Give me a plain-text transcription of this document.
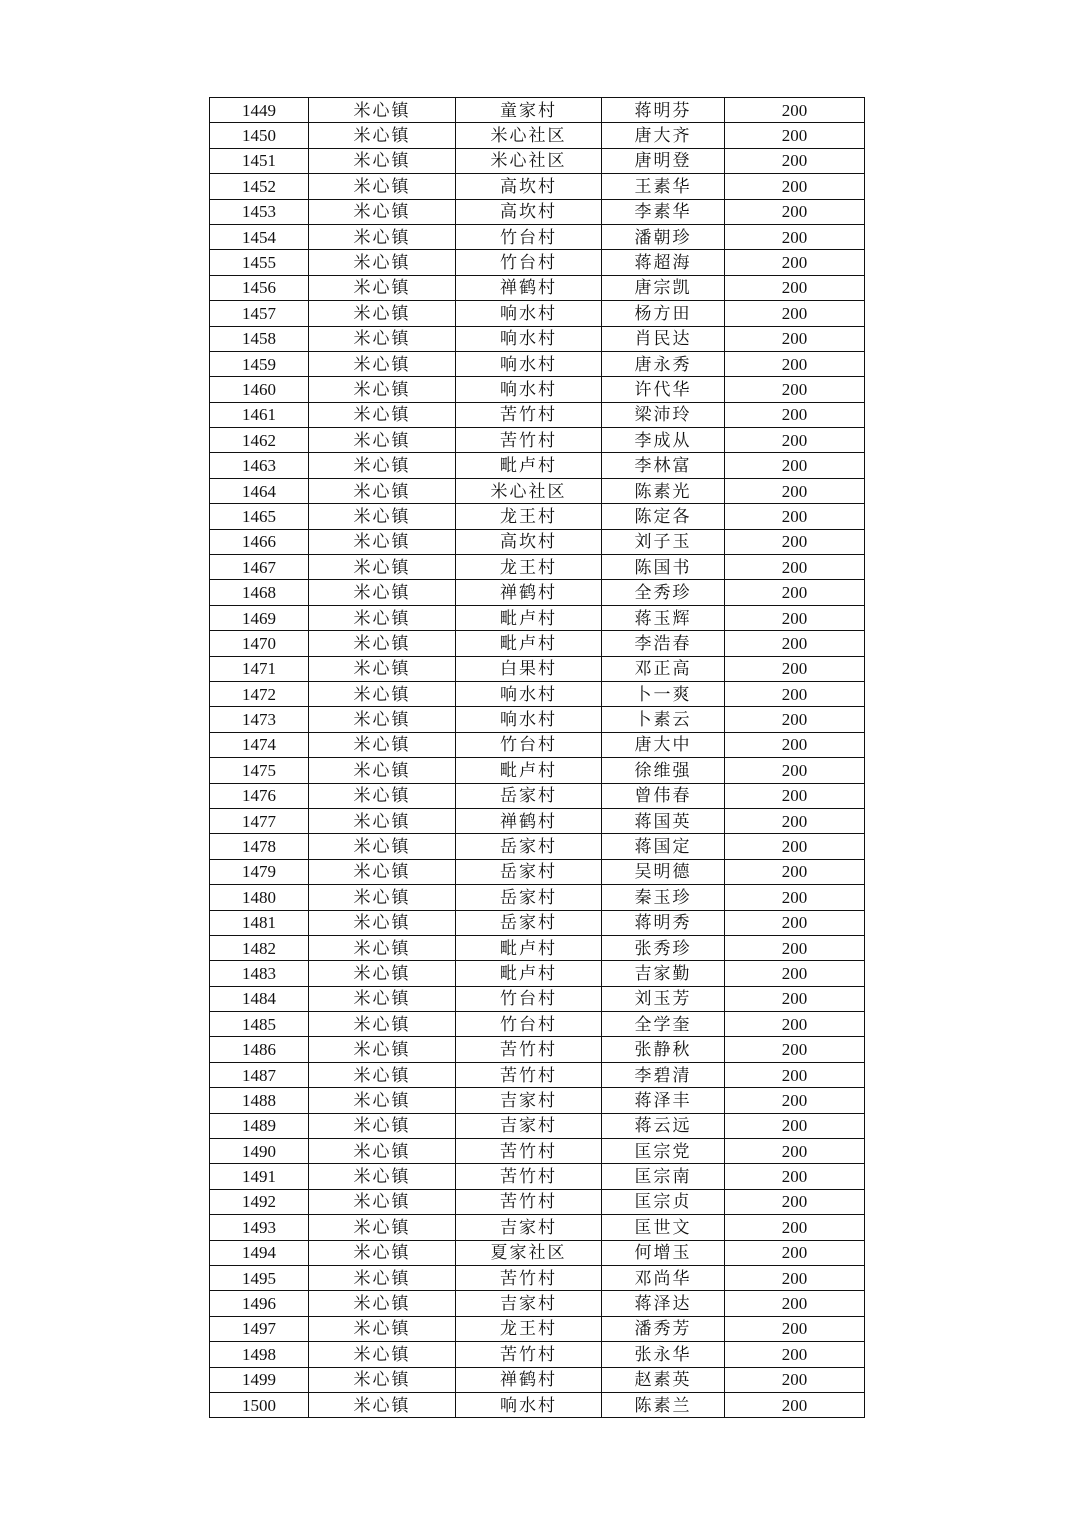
1449	米心镇	童家村	蒋明芬	200
1450	米心镇	米心社区	唐大齐	200
1451	米心镇	米心社区	唐明登	200
1452	米心镇	高坎村	王素华	200
1453	米心镇	高坎村	李素华	200
1454	米心镇	竹台村	潘朝珍	200
1455	米心镇	竹台村	蒋超海	200
1456	米心镇	禅鹤村	唐宗凯	200
1457	米心镇	响水村	杨方田	200
1458	米心镇	响水村	肖民达	200
1459	米心镇	响水村	唐永秀	200
1460	米心镇	响水村	许代华	200
1461	米心镇	苦竹村	梁沛玲	200
1462	米心镇	苦竹村	李成从	200
1463	米心镇	毗卢村	李林富	200
1464	米心镇	米心社区	陈素光	200
1465	米心镇	龙王村	陈定各	200
1466	米心镇	高坎村	刘子玉	200
1467	米心镇	龙王村	陈国书	200
1468	米心镇	禅鹤村	全秀珍	200
1469	米心镇	毗卢村	蒋玉辉	200
1470	米心镇	毗卢村	李浩春	200
1471	米心镇	白果村	邓正高	200
1472	米心镇	响水村	卜一爽	200
1473	米心镇	响水村	卜素云	200
1474	米心镇	竹台村	唐大中	200
1475	米心镇	毗卢村	徐维强	200
1476	米心镇	岳家村	曾伟春	200
1477	米心镇	禅鹤村	蒋国英	200
1478	米心镇	岳家村	蒋国定	200
1479	米心镇	岳家村	吴明德	200
1480	米心镇	岳家村	秦玉珍	200
1481	米心镇	岳家村	蒋明秀	200
1482	米心镇	毗卢村	张秀珍	200
1483	米心镇	毗卢村	吉家勤	200
1484	米心镇	竹台村	刘玉芳	200
1485	米心镇	竹台村	全学奎	200
1486	米心镇	苦竹村	张静秋	200
1487	米心镇	苦竹村	李碧清	200
1488	米心镇	吉家村	蒋泽丰	200
1489	米心镇	吉家村	蒋云远	200
1490	米心镇	苦竹村	匡宗党	200
1491	米心镇	苦竹村	匡宗南	200
1492	米心镇	苦竹村	匡宗贞	200
1493	米心镇	吉家村	匡世文	200
1494	米心镇	夏家社区	何增玉	200
1495	米心镇	苦竹村	邓尚华	200
1496	米心镇	吉家村	蒋泽达	200
1497	米心镇	龙王村	潘秀芳	200
1498	米心镇	苦竹村	张永华	200
1499	米心镇	禅鹤村	赵素英	200
1500	米心镇	响水村	陈素兰	200
